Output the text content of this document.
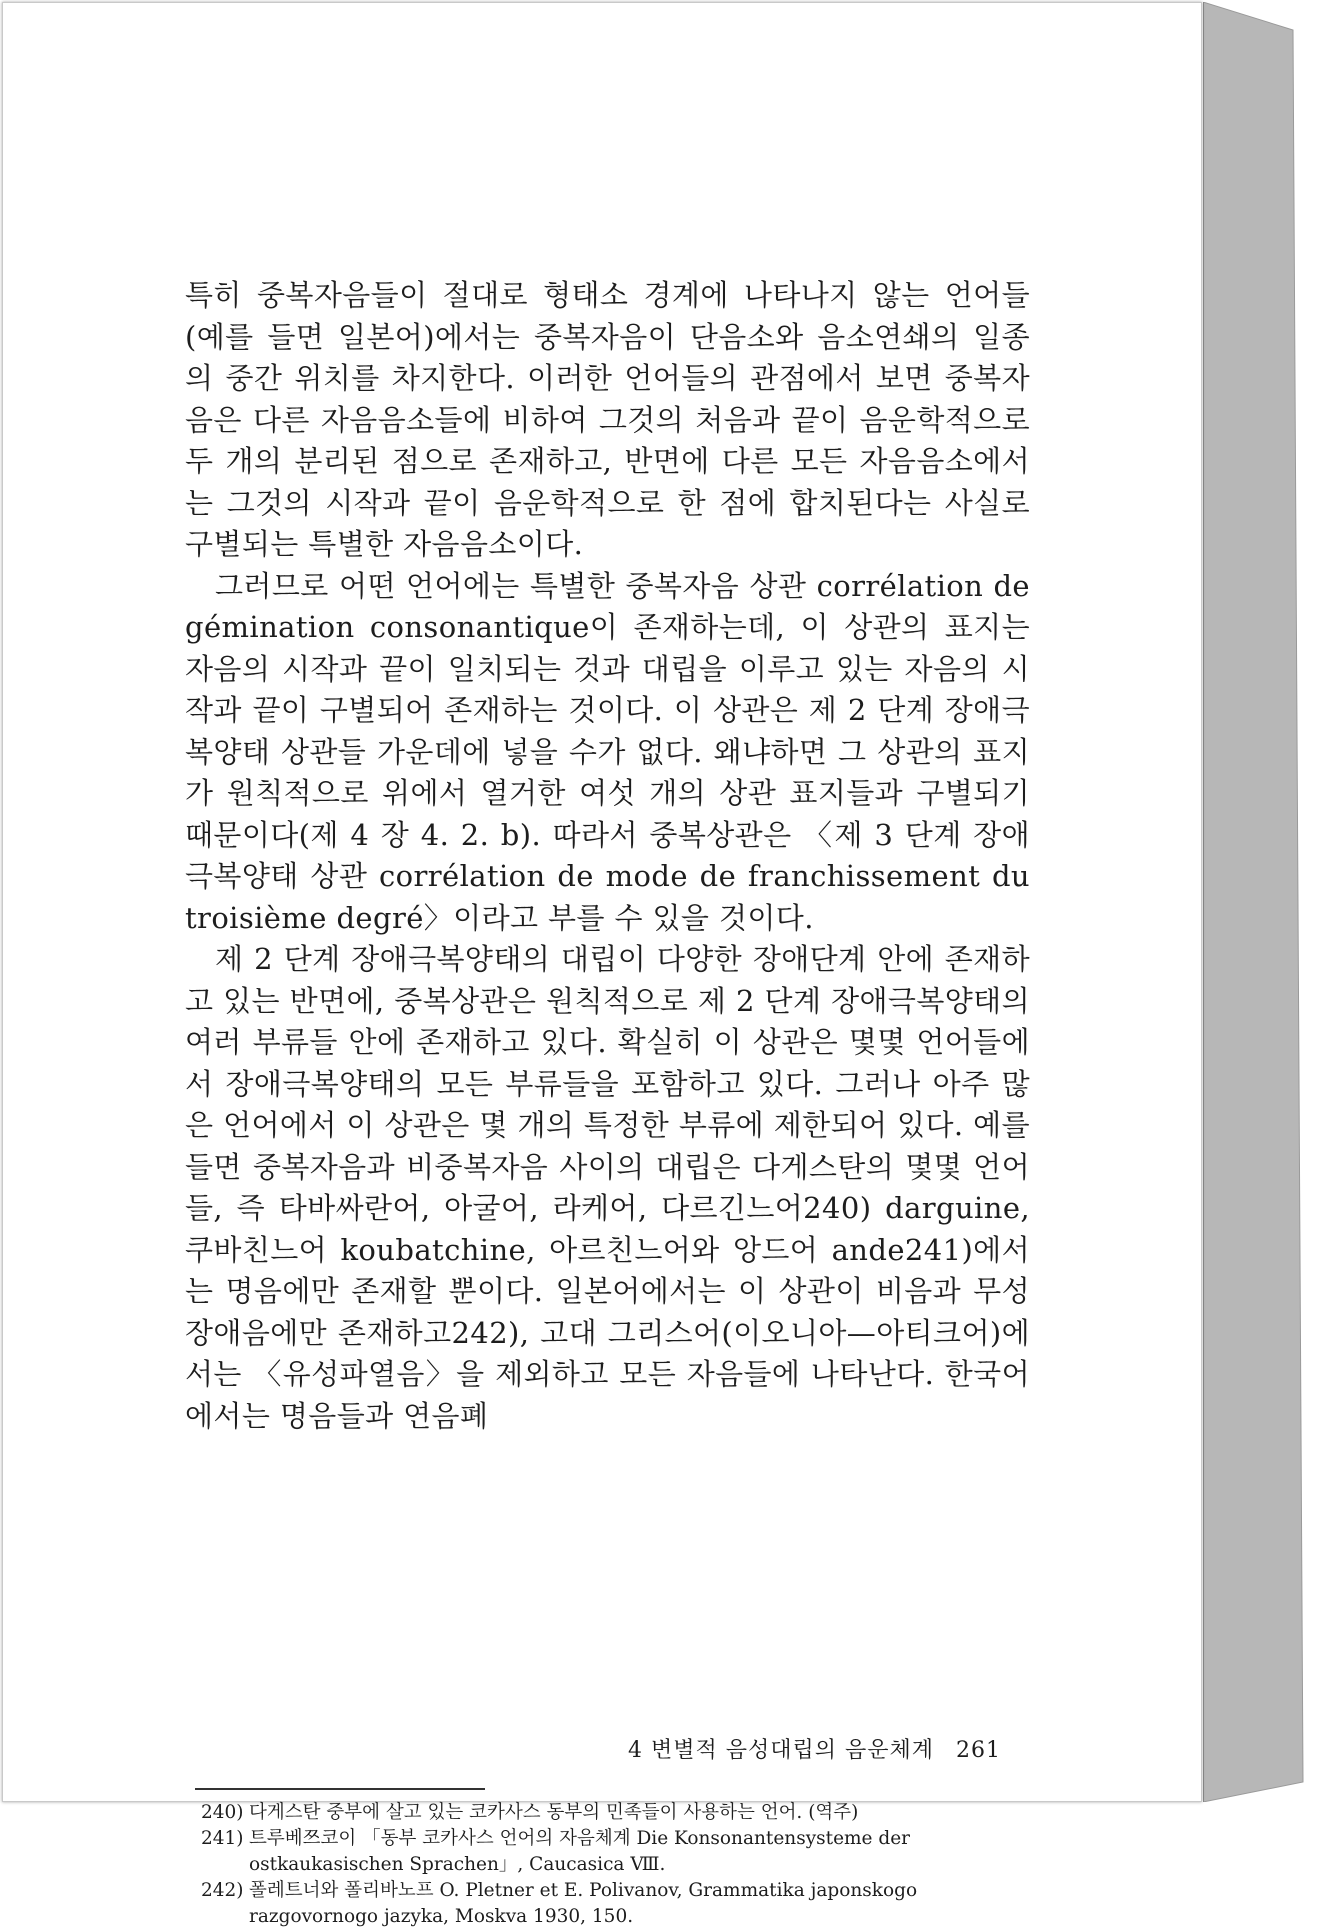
특히 중복자음들이 절대로 형태소 경계에 나타나지 않는 언어들(예를 들면 일본어)에서는 중복자음이 단음소와 음소연쇄의 일종의 중간 위치를 차지한다. 이러한 언어들의 관점에서 보면 중복자음은 다른 자음음소들에 비하여 그것의 처음과 끝이 음운학적으로 두 개의 분리된 점으로 존재하고, 반면에 다른 모든 자음음소에서는 그것의 시작과 끝이 음운학적으로 한 점에 합치된다는 사실로 구별되는 특별한 자음음소이다.

그러므로 어떤 언어에는 특별한 중복자음 상관 corrélation de gémination consonantique이 존재하는데, 이 상관의 표지는 자음의 시작과 끝이 일치되는 것과 대립을 이루고 있는 자음의 시작과 끝이 구별되어 존재하는 것이다. 이 상관은 제 2 단계 장애극복양태 상관들 가운데에 넣을 수가 없다. 왜냐하면 그 상관의 표지가 원칙적으로 위에서 열거한 여섯 개의 상관 표지들과 구별되기 때문이다(제 4 장 4. 2. b). 따라서 중복상관은 〈제 3 단계 장애극복양태 상관 corrélation de mode de franchissement du troisième degré〉이라고 부를 수 있을 것이다.

제 2 단계 장애극복양태의 대립이 다양한 장애단계 안에 존재하고 있는 반면에, 중복상관은 원칙적으로 제 2 단계 장애극복양태의 여러 부류들 안에 존재하고 있다. 확실히 이 상관은 몇몇 언어들에서 장애극복양태의 모든 부류들을 포함하고 있다. 그러나 아주 많은 언어에서 이 상관은 몇 개의 특정한 부류에 제한되어 있다. 예를 들면 중복자음과 비중복자음 사이의 대립은 다게스탄의 몇몇 언어들, 즉 타바싸란어, 아굴어, 라케어, 다르긴느어240) darguine, 쿠바친느어 koubatchine, 아르친느어와 앙드어 ande241)에서는 명음에만 존재할 뿐이다. 일본어에서는 이 상관이 비음과 무성장애음에만 존재하고242), 고대 그리스어(이오니아—아티크어)에서는 〈유성파열음〉을 제외하고 모든 자음들에 나타난다. 한국어에서는 명음들과 연음폐

240) 다게스탄 중부에 살고 있는 코카사스 동부의 민족들이 사용하는 언어. (역주)
241) 트루베쯔코이 「동부 코카사스 언어의 자음체계 Die Konsonantensysteme der ostkaukasischen Sprachen」, Caucasica Ⅷ.
242) 폴레트너와 폴리바노프 O. Pletner et E. Polivanov, Grammatika japonskogo razgovornogo jazyka, Moskva 1930, 150.
4 변별적 음성대립의 음운체계 261
